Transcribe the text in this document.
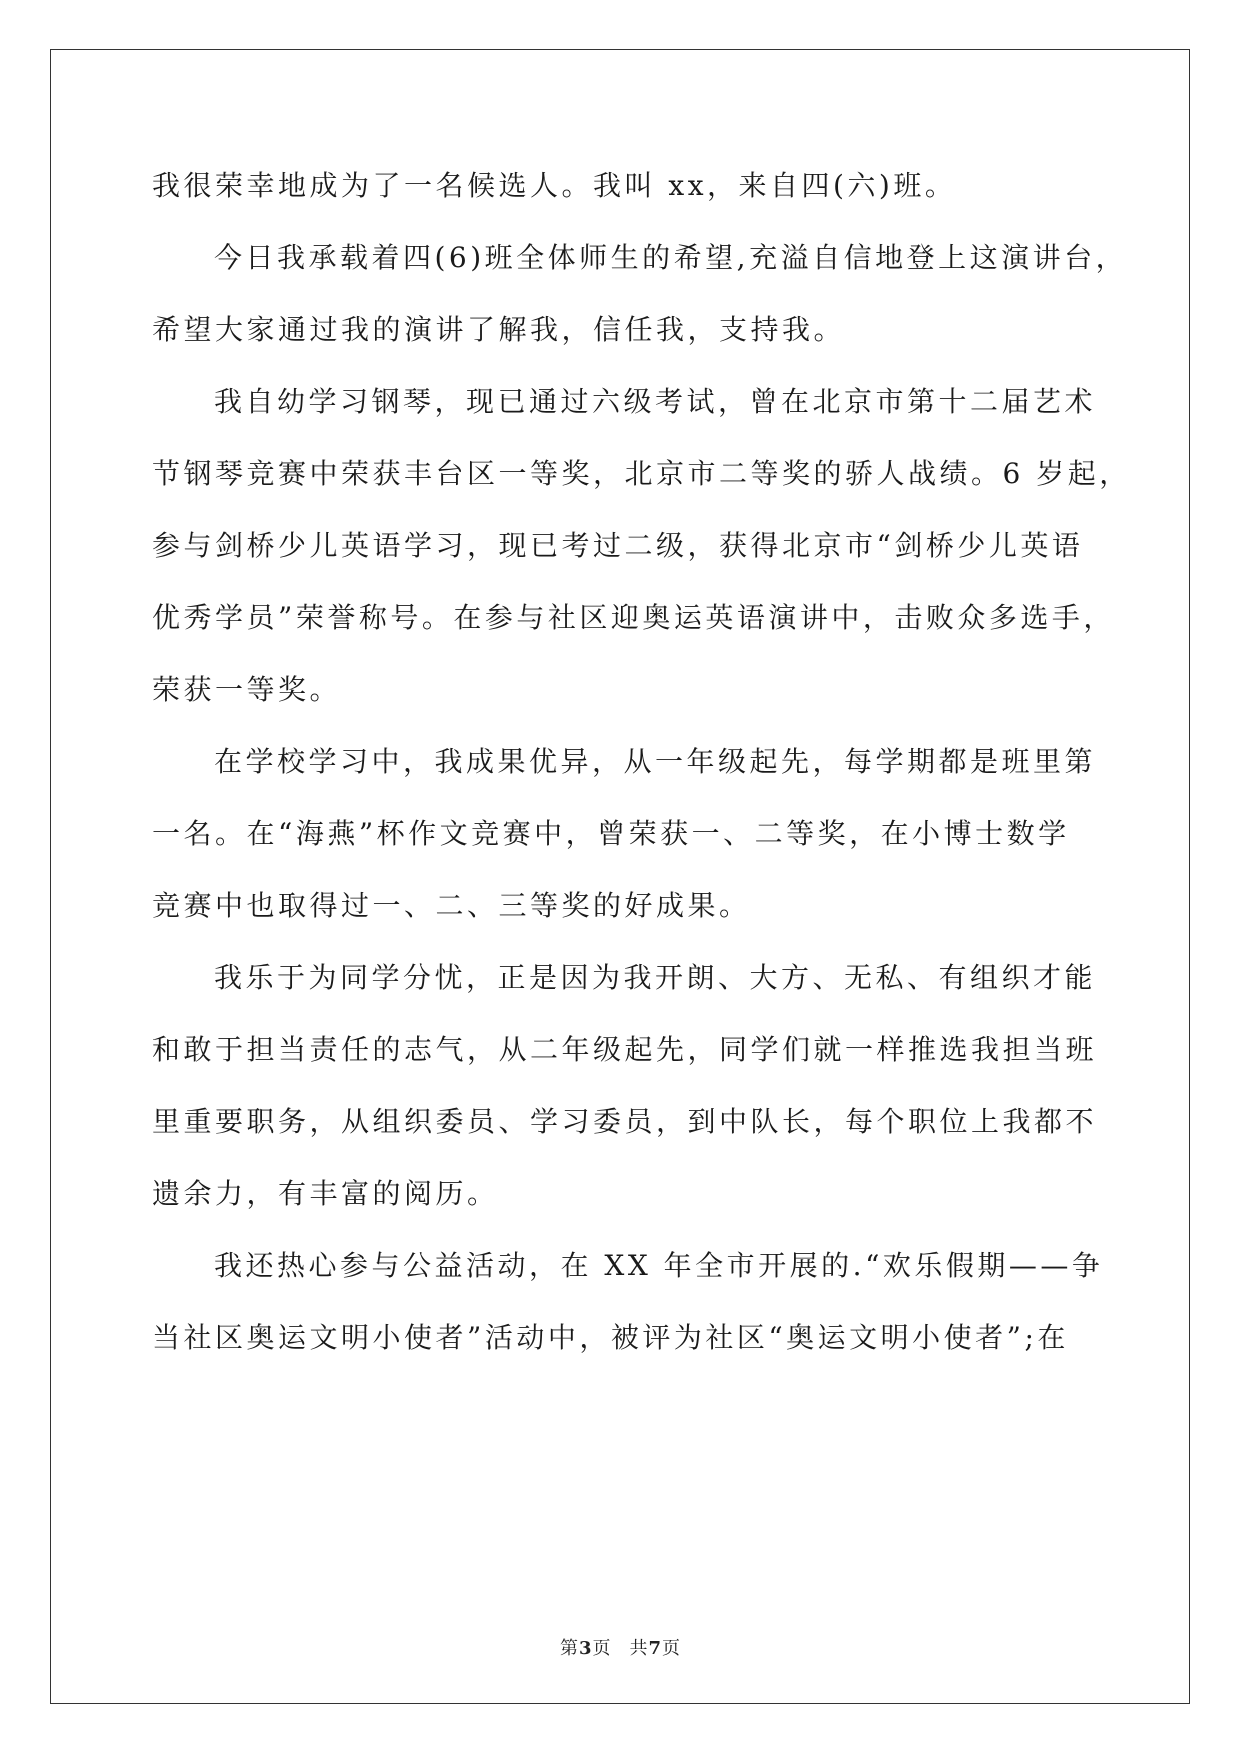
我很荣幸地成为了一名候选人。我叫 xx，来自四(六)班。
今日我承载着四(6)班全体师生的希望,充溢自信地登上这演讲台，
希望大家通过我的演讲了解我，信任我，支持我。
我自幼学习钢琴，现已通过六级考试，曾在北京市第十二届艺术
节钢琴竞赛中荣获丰台区一等奖，北京市二等奖的骄人战绩。6 岁起，
参与剑桥少儿英语学习，现已考过二级，获得北京市“剑桥少儿英语
优秀学员”荣誉称号。在参与社区迎奥运英语演讲中，击败众多选手，
荣获一等奖。
在学校学习中，我成果优异，从一年级起先，每学期都是班里第
一名。在“海燕”杯作文竞赛中，曾荣获一、二等奖，在小博士数学
竞赛中也取得过一、二、三等奖的好成果。
我乐于为同学分忧，正是因为我开朗、大方、无私、有组织才能
和敢于担当责任的志气，从二年级起先，同学们就一样推选我担当班
里重要职务，从组织委员、学习委员，到中队长，每个职位上我都不
遗余力，有丰富的阅历。
我还热心参与公益活动，在 XX 年全市开展的.“欢乐假期——争
当社区奥运文明小使者”活动中，被评为社区“奥运文明小使者”;在
第3页 共7页
